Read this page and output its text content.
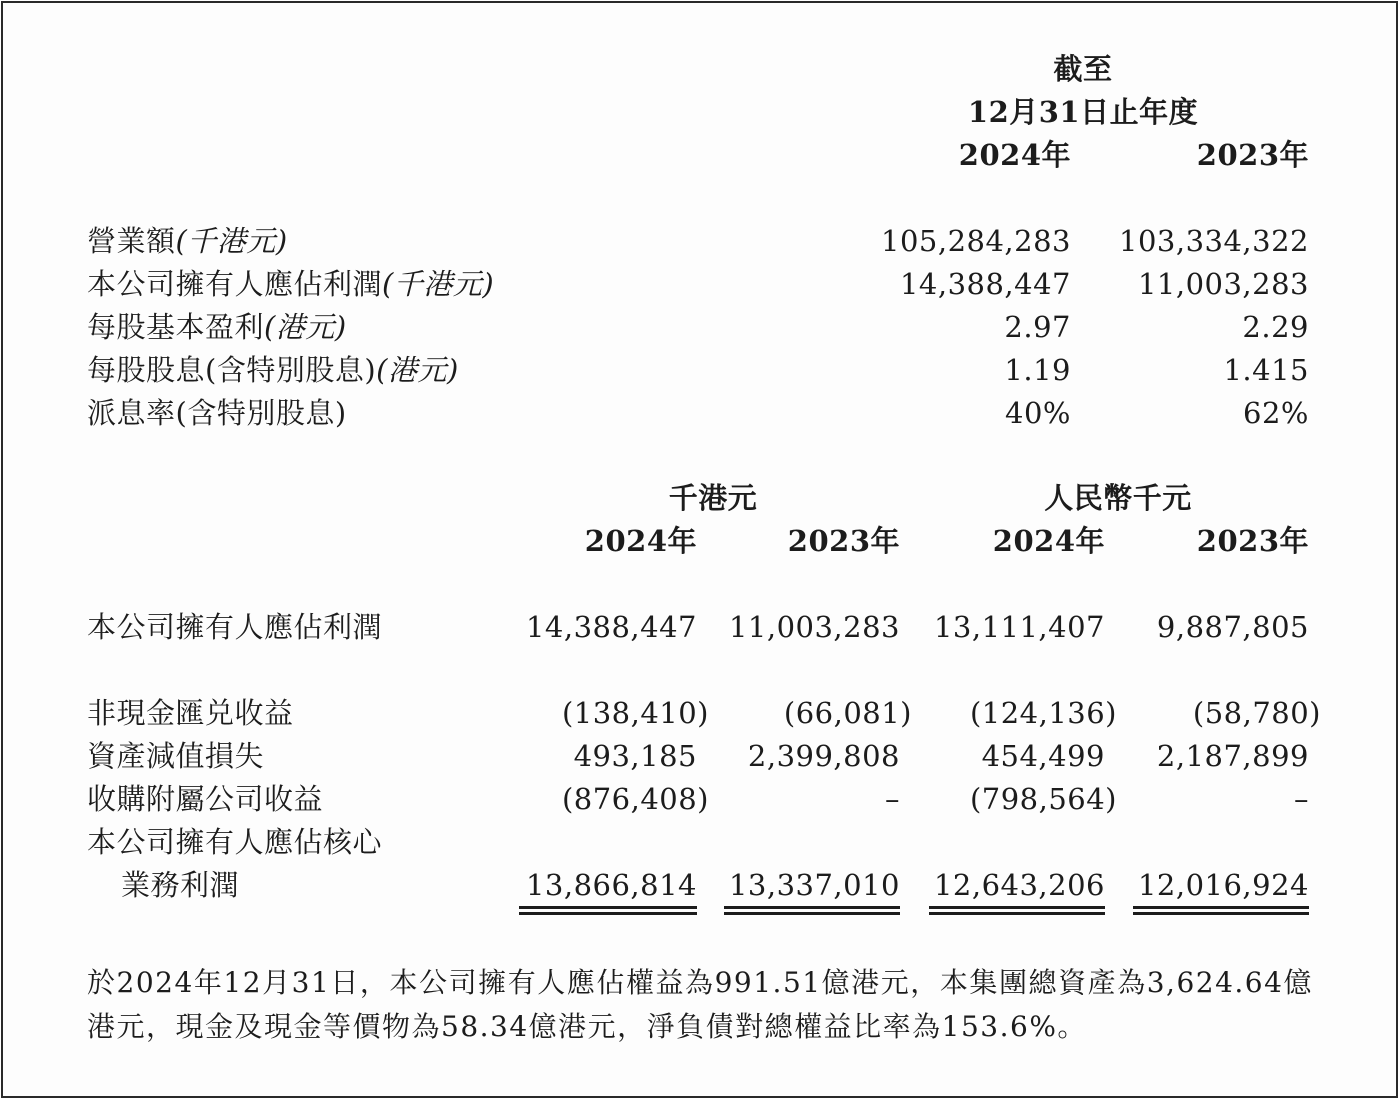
截至
12月31日止年度
2024年	2023年
營業額(千港元)	105,284,283	103,334,322
本公司擁有人應佔利潤(千港元)	14,388,447	11,003,283
每股基本盈利(港元)	2.97	2.29
每股股息(含特別股息)(港元)	1.19	1.415
派息率(含特別股息)	40%	62%
千港元	人民幣千元
2024年	2023年	2024年	2023年
本公司擁有人應佔利潤	14,388,447	11,003,283	13,111,407	9,887,805
非現金匯兑收益	(138,410)	(66,081)	(124,136)	(58,780)
資產減值損失	493,185	2,399,808	454,499	2,187,899
收購附屬公司收益	(876,408)	–	(798,564)	–
本公司擁有人應佔核心
業務利潤	13,866,814	13,337,010	12,643,206	12,016,924
於2024年12月31日，本公司擁有人應佔權益為991.51億港元，本集團總資產為3,624.64億港元，現金及現金等價物為58.34億港元，淨負債對總權益比率為153.6%。
